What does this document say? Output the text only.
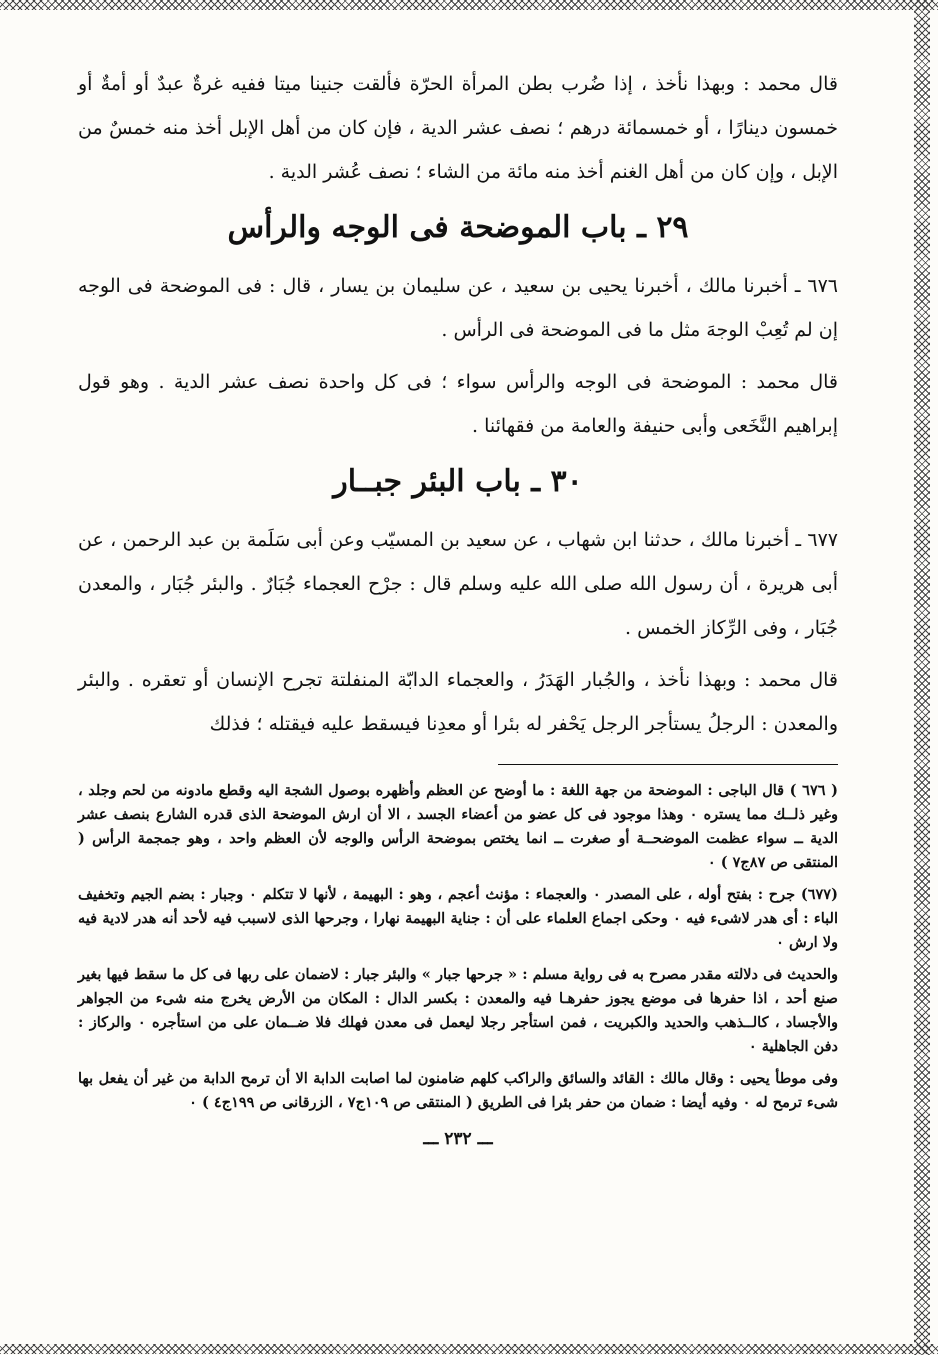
قال محمد : وبهذا نأخذ ، إذا ضُرب بطن المرأة الحرّة فألقت جنينا ميتا ففيه غرةٌ عبدٌ أو أمةٌ أو خمسون دينارًا ، أو خمسمائة درهم ؛ نصف عشر الدية ، فإن كان من أهل الإبل أخذ منه خمسٌ من الإبل ، وإن كان من أهل الغنم أخذ منه مائة من الشاء ؛ نصف عُشر الدية .

٢٩ ـ باب الموضحة فى الوجه والرأس

٦٧٦ ـ أخبرنا مالك ، أخبرنا يحيى بن سعيد ، عن سليمان بن يسار ، قال : فى الموضحة فى الوجه إن لم تُعِبْ الوجهَ مثل ما فى الموضحة فى الرأس .

قال محمد : الموضحة فى الوجه والرأس سواء ؛ فى كل واحدة نصف عشر الدية . وهو قول إبراهيم النَّخَعى وأبى حنيفة والعامة من فقهائنا .

٣٠ ـ باب البئر جبــار

٦٧٧ ـ أخبرنا مالك ، حدثنا ابن شهاب ، عن سعيد بن المسيّب وعن أبى سَلَمة بن عبد الرحمن ، عن أبى هريرة ، أن رسول الله صلى الله عليه وسلم قال : جرْح العجماء جُبَارٌ . والبئر جُبَار ، والمعدن جُبَار ، وفى الرِّكاز الخمس .

قال محمد : وبهذا نأخذ ، والجُبار الهَدَرُ ، والعجماء الدابّة المنفلتة تجرح الإنسان أو تعقره . والبئر والمعدن : الرجلُ يستأجر الرجل يَحْفر له بئرا أو معدِنا فيسقط عليه فيقتله ؛ فذلك

( ٦٧٦ ) قال الباجى : الموضحة من جهة اللغة : ما أوضح عن العظم وأظهره بوصول الشجة اليه وقطع مادونه من لحم وجلد ، وغير ذلــك مما يستره ٠ وهذا موجود فى كل عضو من أعضاء الجسد ، الا أن ارش الموضحة الذى قدره الشارع بنصف عشر الدية ــ سواء عظمت الموضحــة أو صغرت ــ انما يختص بموضحة الرأس والوجه لأن العظم واحد ، وهو جمجمة الرأس ( المنتقى ص ٨٧ج٧ ) ٠

(٦٧٧) جرح : بفتح أوله ، على المصدر ٠ والعجماء : مؤنث أعجم ، وهو : البهيمة ، لأنها لا تتكلم ٠ وجبار : بضم الجيم وتخفيف الباء : أى هدر لاشىء فيه ٠ وحكى اجماع العلماء على أن : جناية البهيمة نهارا ، وجرحها الذى لاسبب فيه لأحد أنه هدر لادية فيه ولا ارش ٠

والحديث فى دلالته مقدر مصرح به فى رواية مسلم : « جرحها جبار » والبئر جبار : لاضمان على ربها فى كل ما سقط فيها بغير صنع أحد ، اذا حفرها فى موضع يجوز حفرهـا فيه والمعدن : بكسر الدال : المكان من الأرض يخرج منه شىء من الجواهر والأجساد ، كالــذهب والحديد والكبريت ، فمن استأجر رجلا ليعمل فى معدن فهلك فلا ضــمان على من استأجره ٠ والركاز : دفن الجاهلية ٠

وفى موطأ يحيى : وقال مالك : القائد والسائق والراكب كلهم ضامنون لما اصابت الدابة الا أن ترمح الدابة من غير أن يفعل بها شىء ترمح له ٠ وفيه أيضا : ضمان من حفر بئرا فى الطريق ( المنتقى ص ١٠٩ج٧ ، الزرقانى ص ١٩٩ج٤ ) ٠

ـــ ٢٣٢ ـــ
